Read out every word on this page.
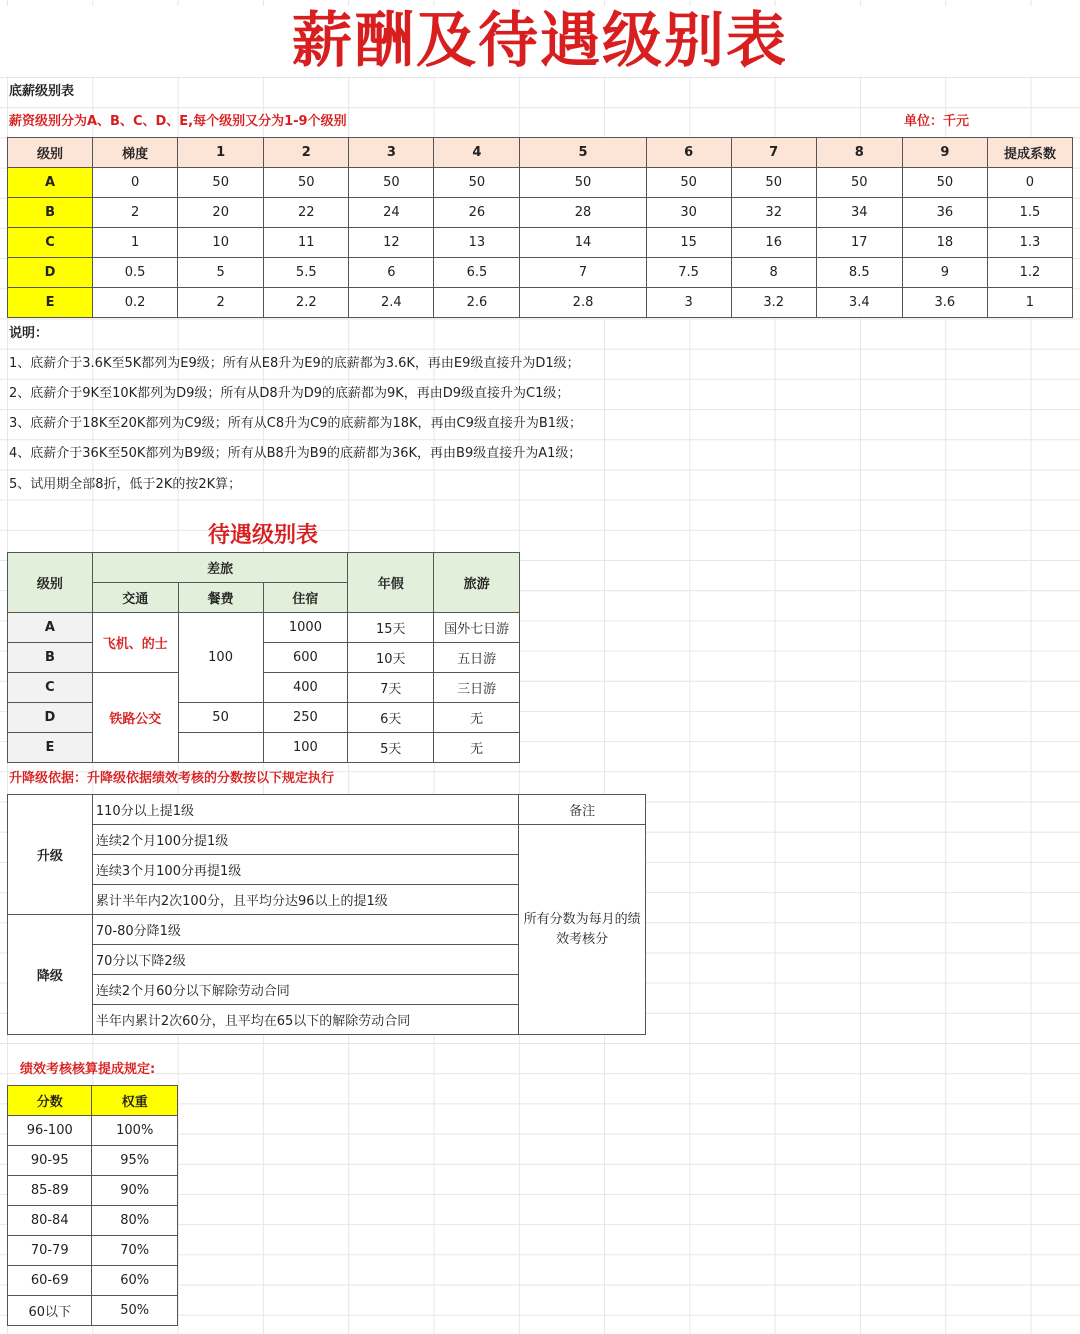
薪酬及待遇级别表
底薪级别表
薪资级别分为A、B、C、D、E,每个级别又分为1-9个级别	单位：千元
级别	梯度	1	2	3	4	5	6	7	8	9	提成系数
A	0	50	50	50	50	50	50	50	50	50	0
B	2	20	22	24	26	28	30	32	34	36	1.5
C	1	10	11	12	13	14	15	16	17	18	1.3
D	0.5	5	5.5	6	6.5	7	7.5	8	8.5	9	1.2
E	0.2	2	2.2	2.4	2.6	2.8	3	3.2	3.4	3.6	1
说明：
1、底薪介于3.6K至5K都列为E9级；所有从E8升为E9的底薪都为3.6K，再由E9级直接升为D1级；
2、底薪介于9K至10K都列为D9级；所有从D8升为D9的底薪都为9K，再由D9级直接升为C1级；
3、底薪介于18K至20K都列为C9级；所有从C8升为C9的底薪都为18K，再由C9级直接升为B1级；
4、底薪介于36K至50K都列为B9级；所有从B8升为B9的底薪都为36K，再由B9级直接升为A1级；
5、试用期全部8折，低于2K的按2K算；
待遇级别表
级别	差旅			年假	旅游
	交通	餐费	住宿		
A	飞机、的士	100	1000	15天	国外七日游
B			600	10天	五日游
C	铁路公交		400	7天	三日游
D		50	250	6天	无
E			100	5天	无
升降级依据：升降级依据绩效考核的分数按以下规定执行
升级	110分以上提1级	备注
	连续2个月100分提1级	所有分数为每月的绩效考核分
	连续3个月100分再提1级	
	累计半年内2次100分，且平均分达96以上的提1级	
降级	70-80分降1级	
	70分以下降2级	
	连续2个月60分以下解除劳动合同	
	半年内累计2次60分，且平均在65以下的解除劳动合同	
绩效考核核算提成规定:
分数	权重
96-100	100%
90-95	95%
85-89	90%
80-84	80%
70-79	70%
60-69	60%
60以下	50%
